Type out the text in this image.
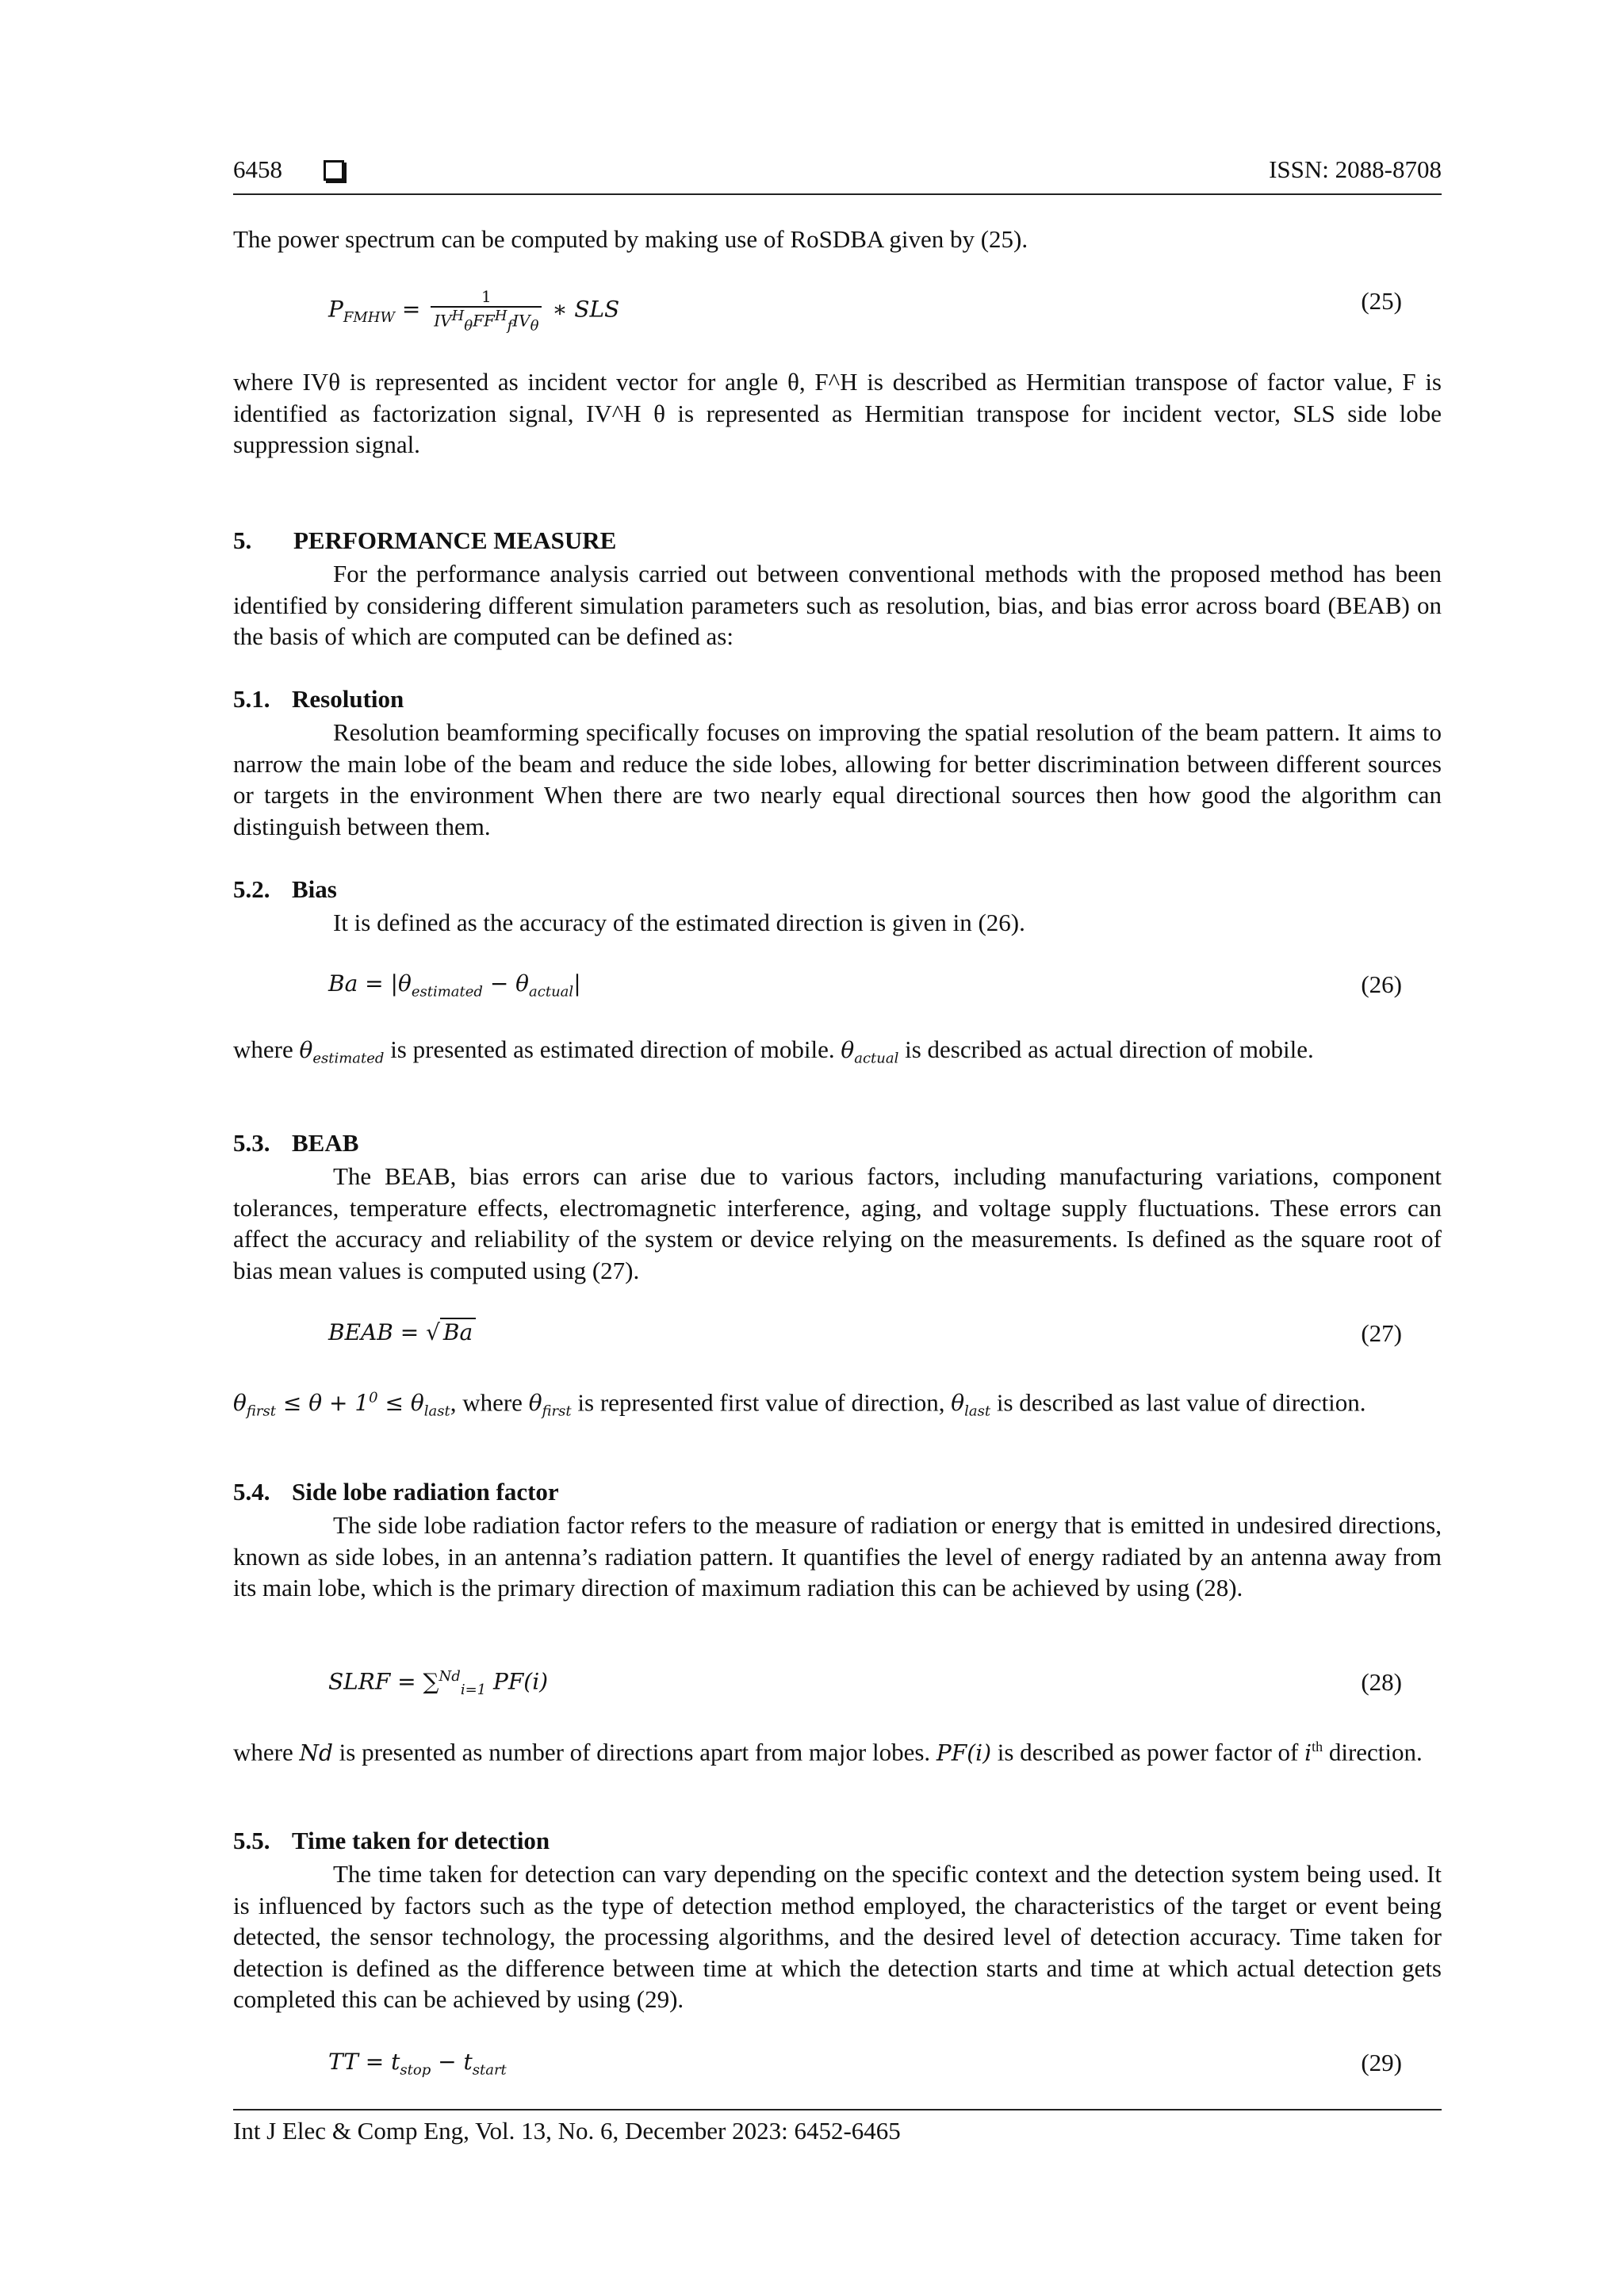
6458	ISSN: 2088-8708
The power spectrum can be computed by making use of RoSDBA given by (25).
$P_{FMHW} = \frac{1}{IV^H_\theta FF^H_fIV_\theta}$ ∗ SLS	(25)
where IVθ is represented as incident vector for angle θ, F^H is described as Hermitian transpose of factor value, F is identified as factorization signal, IV^H θ is represented as Hermitian transpose for incident vector, SLS side lobe suppression signal.
5. PERFORMANCE MEASURE
For the performance analysis carried out between conventional methods with the proposed method has been identified by considering different simulation parameters such as resolution, bias, and bias error across board (BEAB) on the basis of which are computed can be defined as:
5.1. Resolution
Resolution beamforming specifically focuses on improving the spatial resolution of the beam pattern. It aims to narrow the main lobe of the beam and reduce the side lobes, allowing for better discrimination between different sources or targets in the environment When there are two nearly equal directional sources then how good the algorithm can distinguish between them.
5.2. Bias
It is defined as the accuracy of the estimated direction is given in (26).
$Ba = |\theta_{estimated} - \theta_{actual}|$	(26)
where $\theta_{estimated}$ is presented as estimated direction of mobile. $\theta_{actual}$ is described as actual direction of mobile.
5.3. BEAB
The BEAB, bias errors can arise due to various factors, including manufacturing variations, component tolerances, temperature effects, electromagnetic interference, aging, and voltage supply fluctuations. These errors can affect the accuracy and reliability of the system or device relying on the measurements. Is defined as the square root of bias mean values is computed using (27).
BEAB = √ Ba	(27)
$\theta_{first} \le \theta + 1^0 \le \theta_{last}$, where $\theta_{first}$ is represented first value of direction, $\theta_{last}$ is described as last value of direction.
5.4. Side lobe radiation factor
The side lobe radiation factor refers to the measure of radiation or energy that is emitted in undesired directions, known as side lobes, in an antenna’s radiation pattern. It quantifies the level of energy radiated by an antenna away from its main lobe, which is the primary direction of maximum radiation this can be achieved by using (28).
SLRF = ∑$^{Nd}_{i=1}$ PF(i)	(28)
where Nd is presented as number of directions apart from major lobes. PF(i) is described as power factor of $i^{th}$ direction.
5.5. Time taken for detection
The time taken for detection can vary depending on the specific context and the detection system being used. It is influenced by factors such as the type of detection method employed, the characteristics of the target or event being detected, the sensor technology, the processing algorithms, and the desired level of detection accuracy. Time taken for detection is defined as the difference between time at which the detection starts and time at which actual detection gets completed this can be achieved by using (29).
TT = $t_{stop} - t_{start}$	(29)
Int J Elec & Comp Eng, Vol. 13, No. 6, December 2023: 6452-6465
